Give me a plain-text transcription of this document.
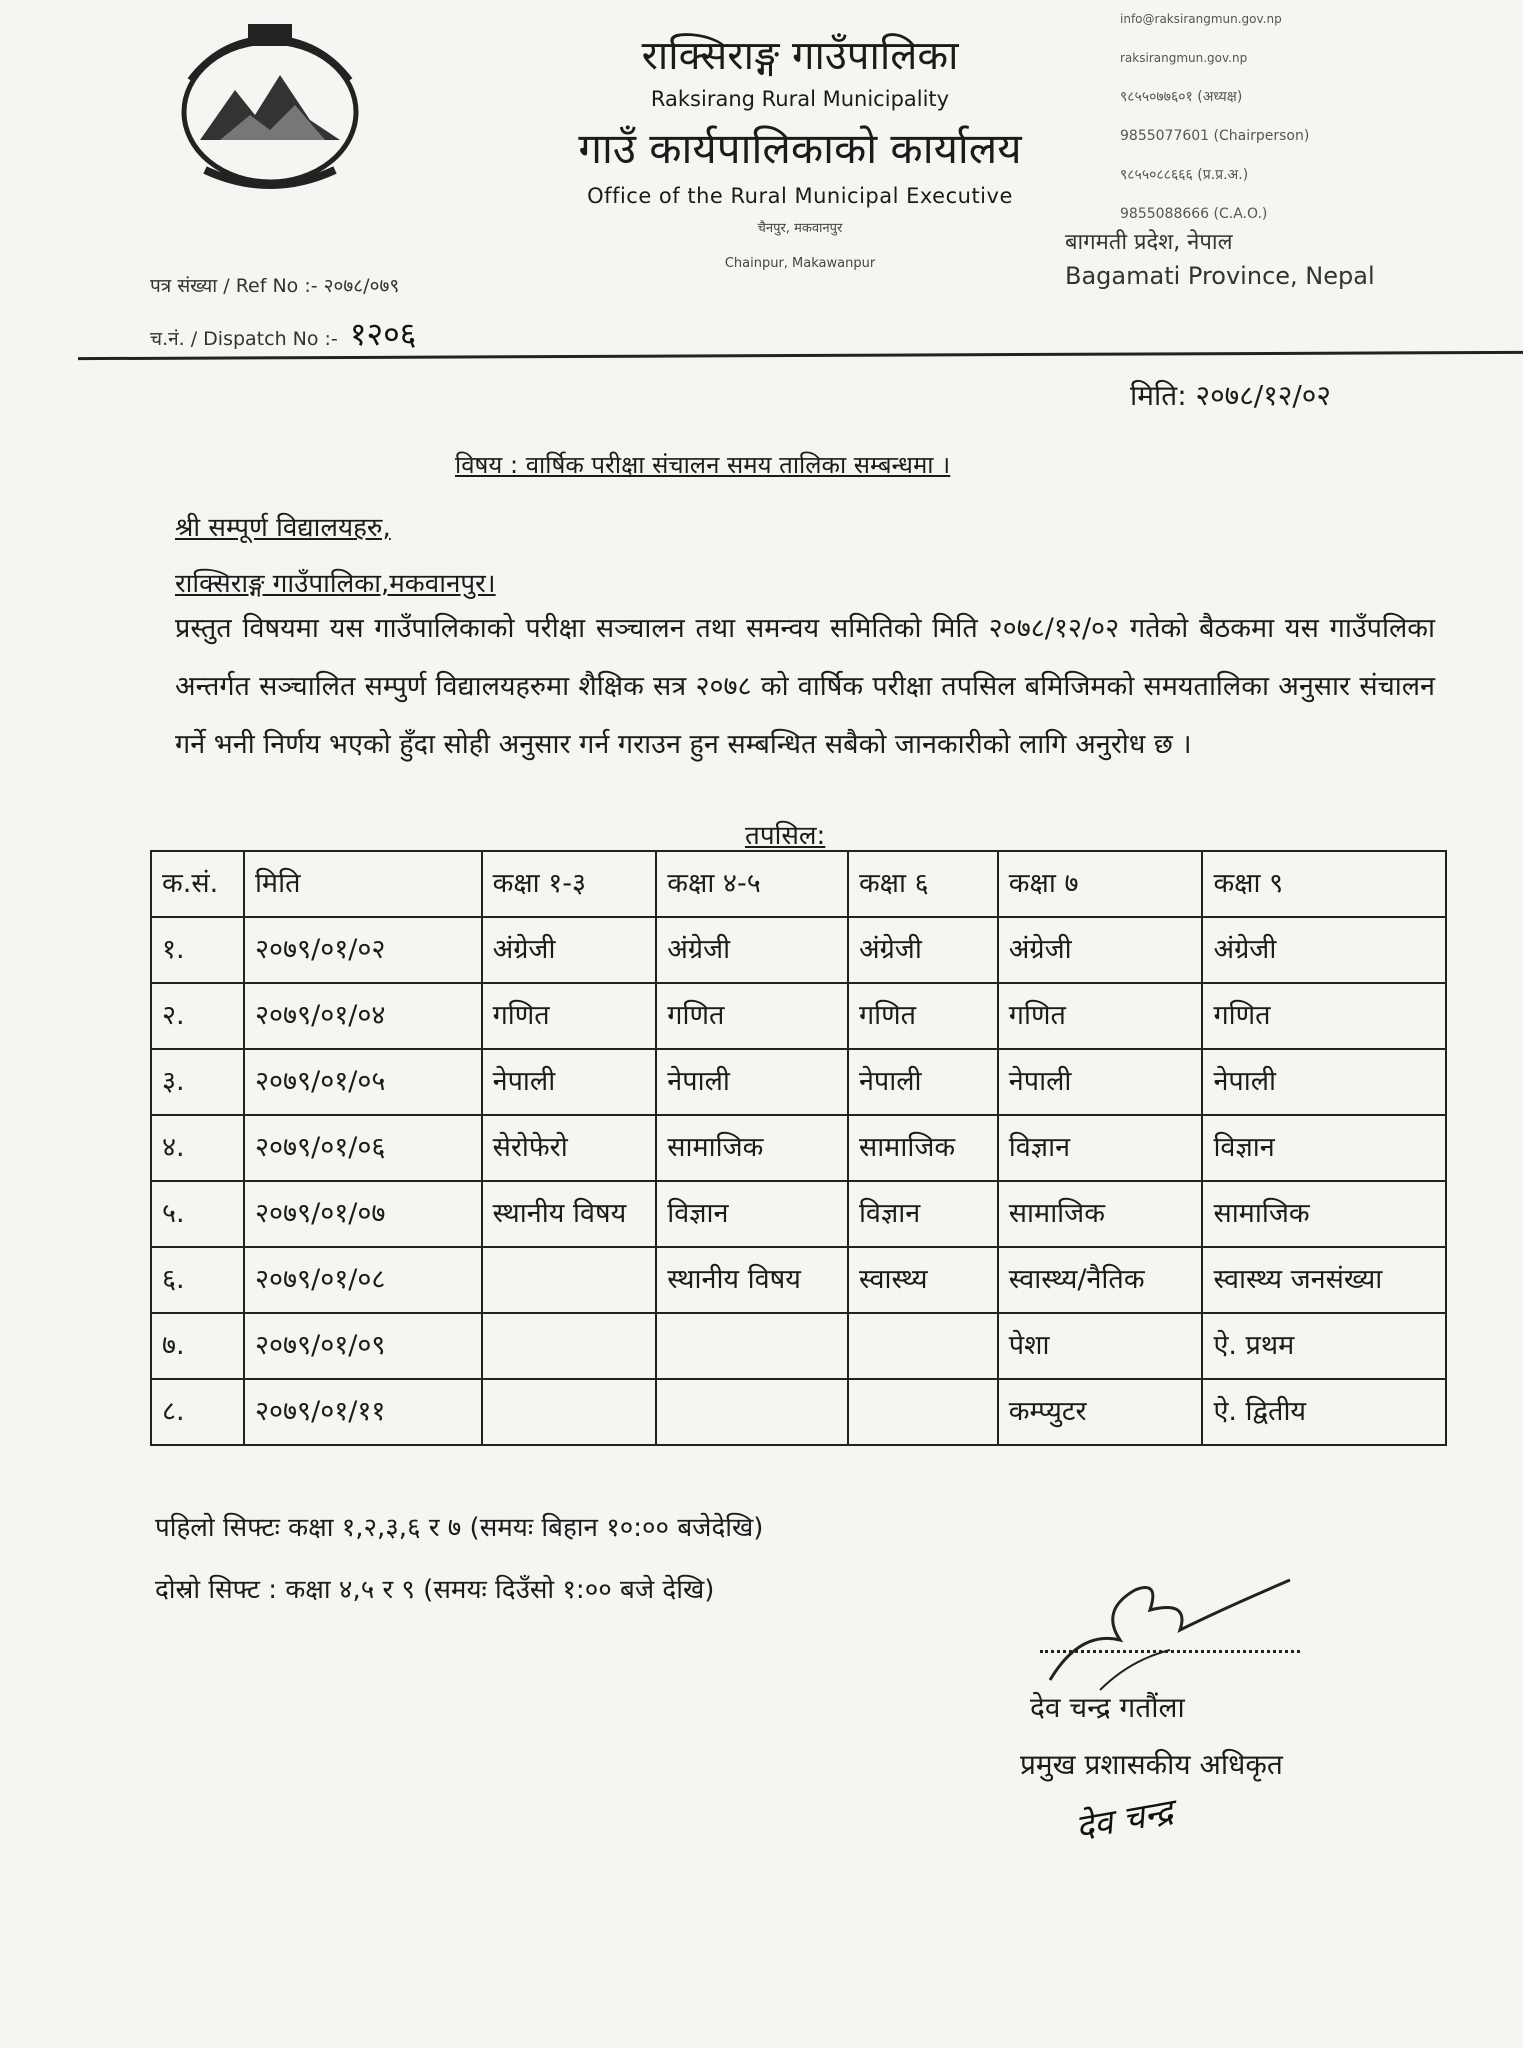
राक्सिराङ्ग गाउँपालिका
Raksirang Rural Municipality
गाउँ कार्यपालिकाको कार्यालय
Office of the Rural Municipal Executive
चैनपुर, मकवानपुर
Chainpur, Makawanpur
info@raksirangmun.gov.np
raksirangmun.gov.np
९८५५०७७६०१ (अध्यक्ष)
9855077601 (Chairperson)
९८५५०८८६६६ (प्र.प्र.अ.)
9855088666 (C.A.O.)
बागमती प्रदेश, नेपाल
Bagamati Province, Nepal
पत्र संख्या / Ref No :- २०७८/०७९
च.नं. / Dispatch No :- १२०६
मिति: २०७८/१२/०२
विषय : वार्षिक परीक्षा संचालन समय तालिका सम्बन्धमा ।
श्री सम्पूर्ण विद्यालयहरु,
राक्सिराङ्ग गाउँपालिका,मकवानपुर।
प्रस्तुत विषयमा यस गाउँपालिकाको परीक्षा सञ्चालन तथा समन्वय समितिको मिति २०७८/१२/०२ गतेको बैठकमा यस गाउँपलिका अन्तर्गत सञ्चालित सम्पुर्ण विद्यालयहरुमा शैक्षिक सत्र २०७८ को वार्षिक परीक्षा तपसिल बमिजिमको समयतालिका अनुसार संचालन गर्ने भनी निर्णय भएको हुँदा सोही अनुसार गर्न गराउन हुन सम्बन्धित सबैको जानकारीको लागि अनुरोध छ ।
तपसिल:
क.सं.	मिति	कक्षा १-३	कक्षा ४-५	कक्षा ६	कक्षा ७	कक्षा ९
१.	२०७९/०१/०२	अंग्रेजी	अंग्रेजी	अंग्रेजी	अंग्रेजी	अंग्रेजी
२.	२०७९/०१/०४	गणित	गणित	गणित	गणित	गणित
३.	२०७९/०१/०५	नेपाली	नेपाली	नेपाली	नेपाली	नेपाली
४.	२०७९/०१/०६	सेरोफेरो	सामाजिक	सामाजिक	विज्ञान	विज्ञान
५.	२०७९/०१/०७	स्थानीय विषय	विज्ञान	विज्ञान	सामाजिक	सामाजिक
६.	२०७९/०१/०८		स्थानीय विषय	स्वास्थ्य	स्वास्थ्य/नैतिक	स्वास्थ्य जनसंख्या
७.	२०७९/०१/०९				पेशा	ऐ. प्रथम
८.	२०७९/०१/११				कम्प्युटर	ऐ. द्वितीय
पहिलो सिफ्टः कक्षा १,२,३,६ र ७ (समयः बिहान १०:०० बजेदेखि)
दोस्रो सिफ्ट : कक्षा ४,५ र ९ (समयः दिउँसो १:०० बजे देखि)
देव चन्द्र गतौंला
प्रमुख प्रशासकीय अधिकृत
देव चन्द्र
